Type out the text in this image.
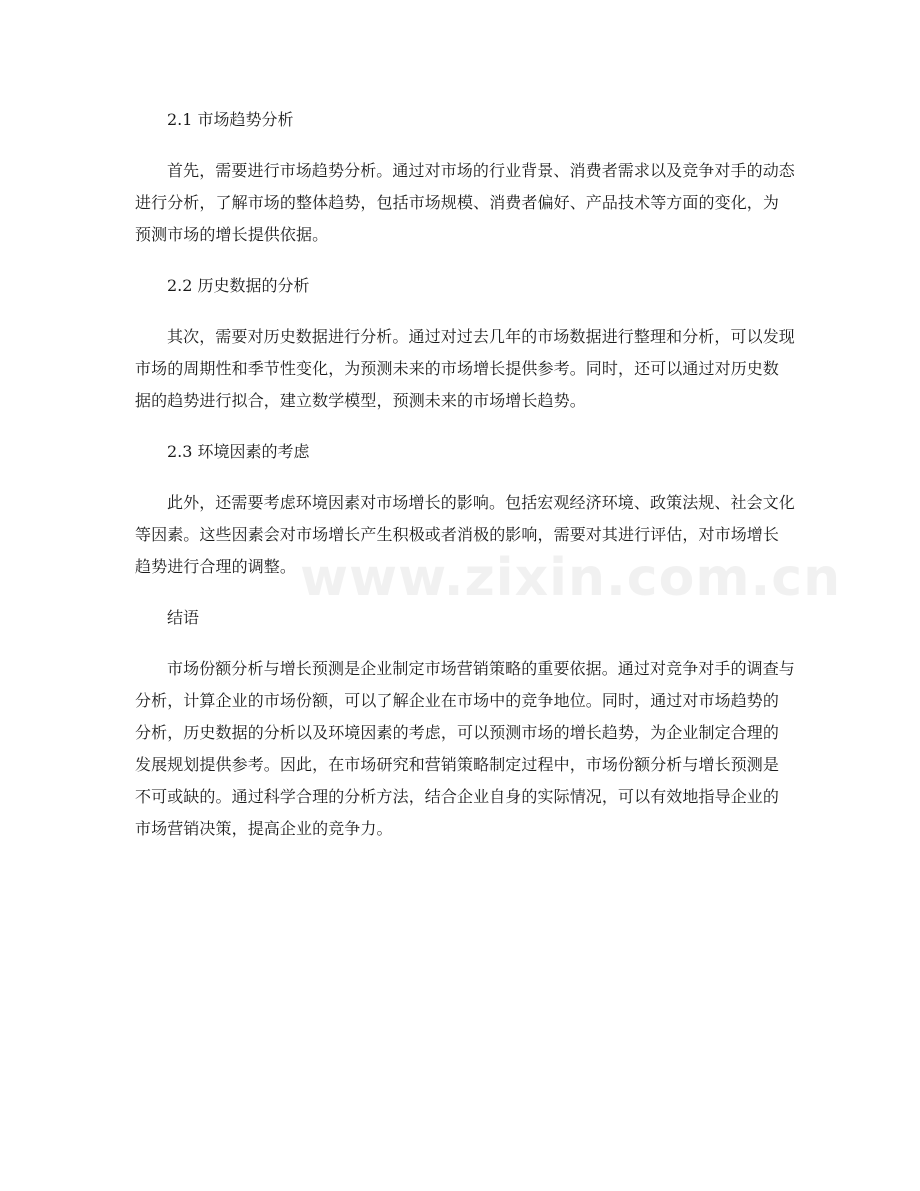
2.1 市场趋势分析
首先，需要进行市场趋势分析。通过对市场的行业背景、消费者需求以及竞争对手的动态进行分析，了解市场的整体趋势，包括市场规模、消费者偏好、产品技术等方面的变化，为预测市场的增长提供依据。
2.2 历史数据的分析
其次，需要对历史数据进行分析。通过对过去几年的市场数据进行整理和分析，可以发现市场的周期性和季节性变化，为预测未来的市场增长提供参考。同时，还可以通过对历史数据的趋势进行拟合，建立数学模型，预测未来的市场增长趋势。
2.3 环境因素的考虑
此外，还需要考虑环境因素对市场增长的影响。包括宏观经济环境、政策法规、社会文化等因素。这些因素会对市场增长产生积极或者消极的影响，需要对其进行评估，对市场增长趋势进行合理的调整。
结语
市场份额分析与增长预测是企业制定市场营销策略的重要依据。通过对竞争对手的调查与分析，计算企业的市场份额，可以了解企业在市场中的竞争地位。同时，通过对市场趋势的分析，历史数据的分析以及环境因素的考虑，可以预测市场的增长趋势，为企业制定合理的发展规划提供参考。因此，在市场研究和营销策略制定过程中，市场份额分析与增长预测是不可或缺的。通过科学合理的分析方法，结合企业自身的实际情况，可以有效地指导企业的市场营销决策，提高企业的竞争力。
www.zixin.com.cn
